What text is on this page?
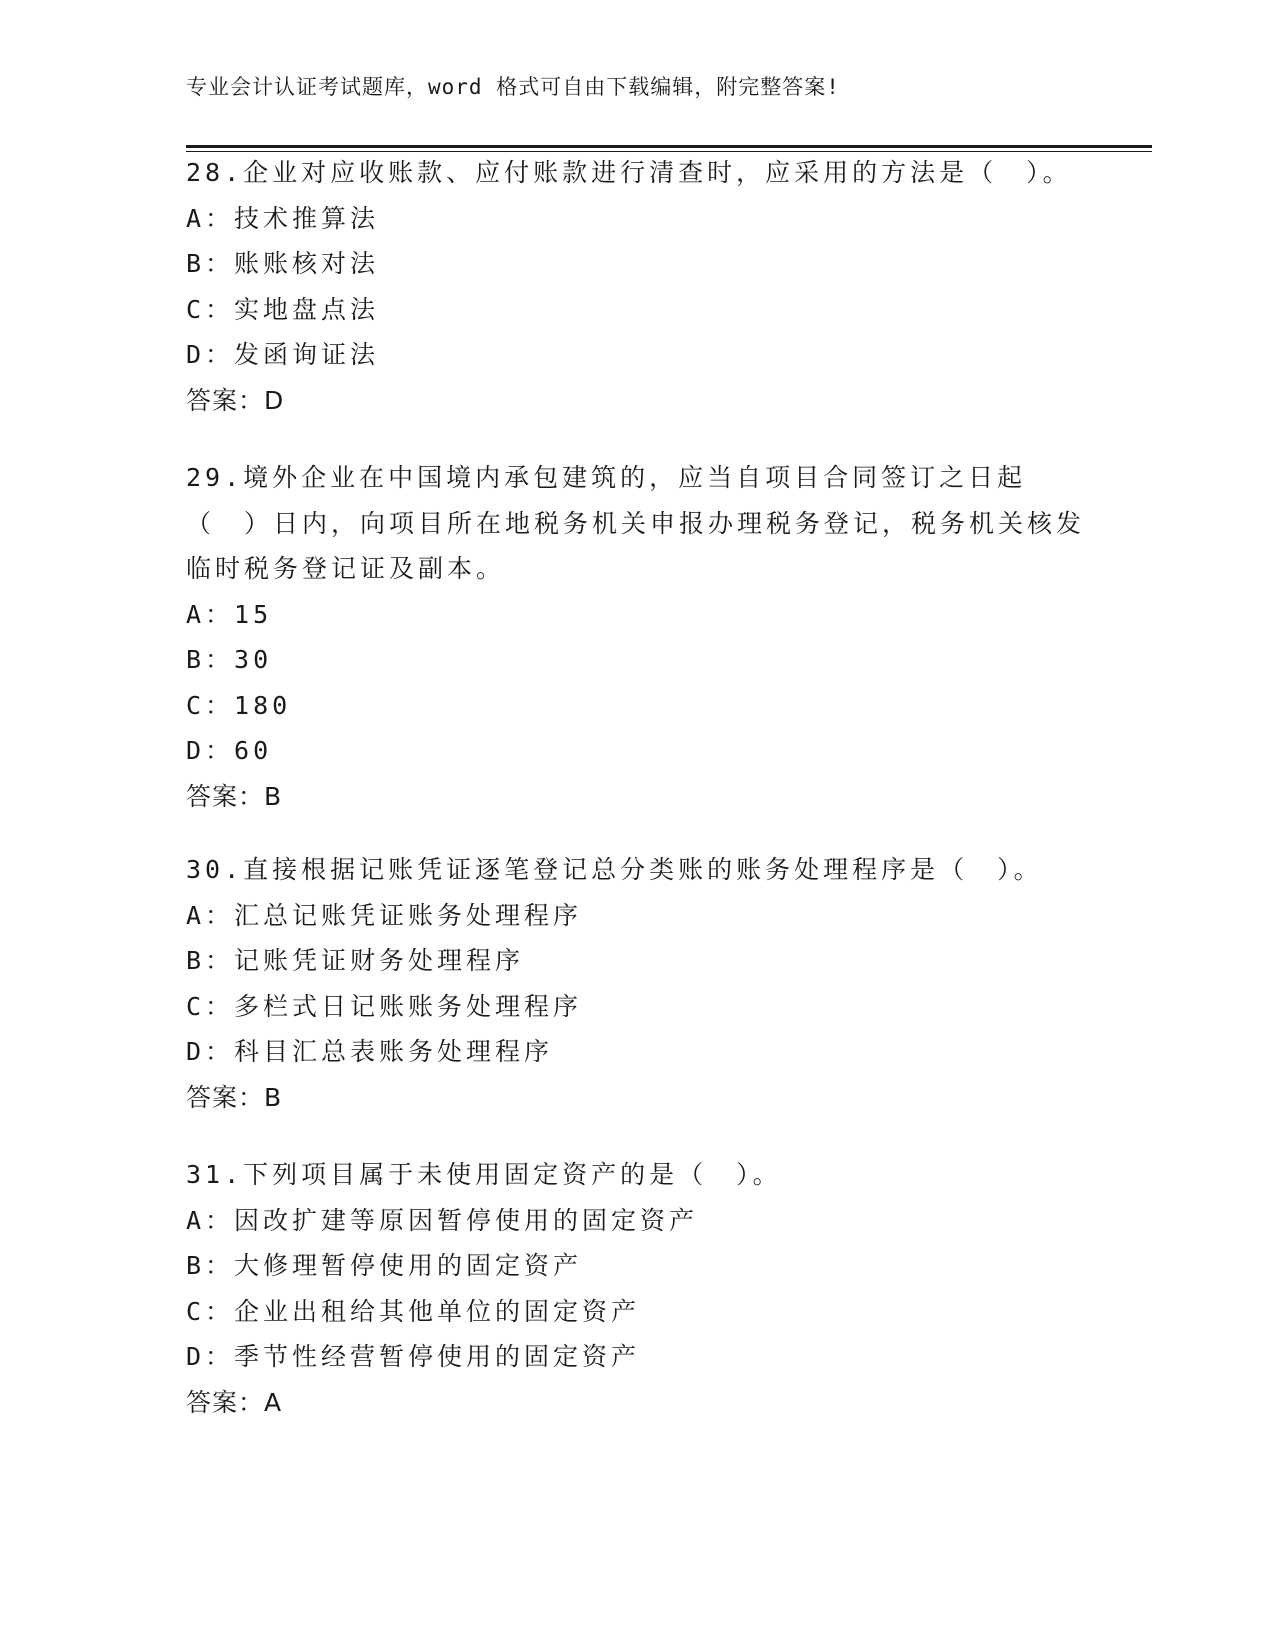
专业会计认证考试题库，word 格式可自由下载编辑，附完整答案!

28.企业对应收账款、应付账款进行清查时，应采用的方法是（　）。

A：技术推算法

B：账账核对法

C：实地盘点法

D：发函询证法

答案：D

29.境外企业在中国境内承包建筑的，应当自项目合同签订之日起（　）日内，向项目所在地税务机关申报办理税务登记，税务机关核发临时税务登记证及副本。

A：15

B：30

C：180

D：60

答案：B

30.直接根据记账凭证逐笔登记总分类账的账务处理程序是（　）。

A：汇总记账凭证账务处理程序

B：记账凭证财务处理程序

C：多栏式日记账账务处理程序

D：科目汇总表账务处理程序

答案：B

31.下列项目属于未使用固定资产的是（　）。

A：因改扩建等原因暂停使用的固定资产

B：大修理暂停使用的固定资产

C：企业出租给其他单位的固定资产

D：季节性经营暂停使用的固定资产

答案：A
